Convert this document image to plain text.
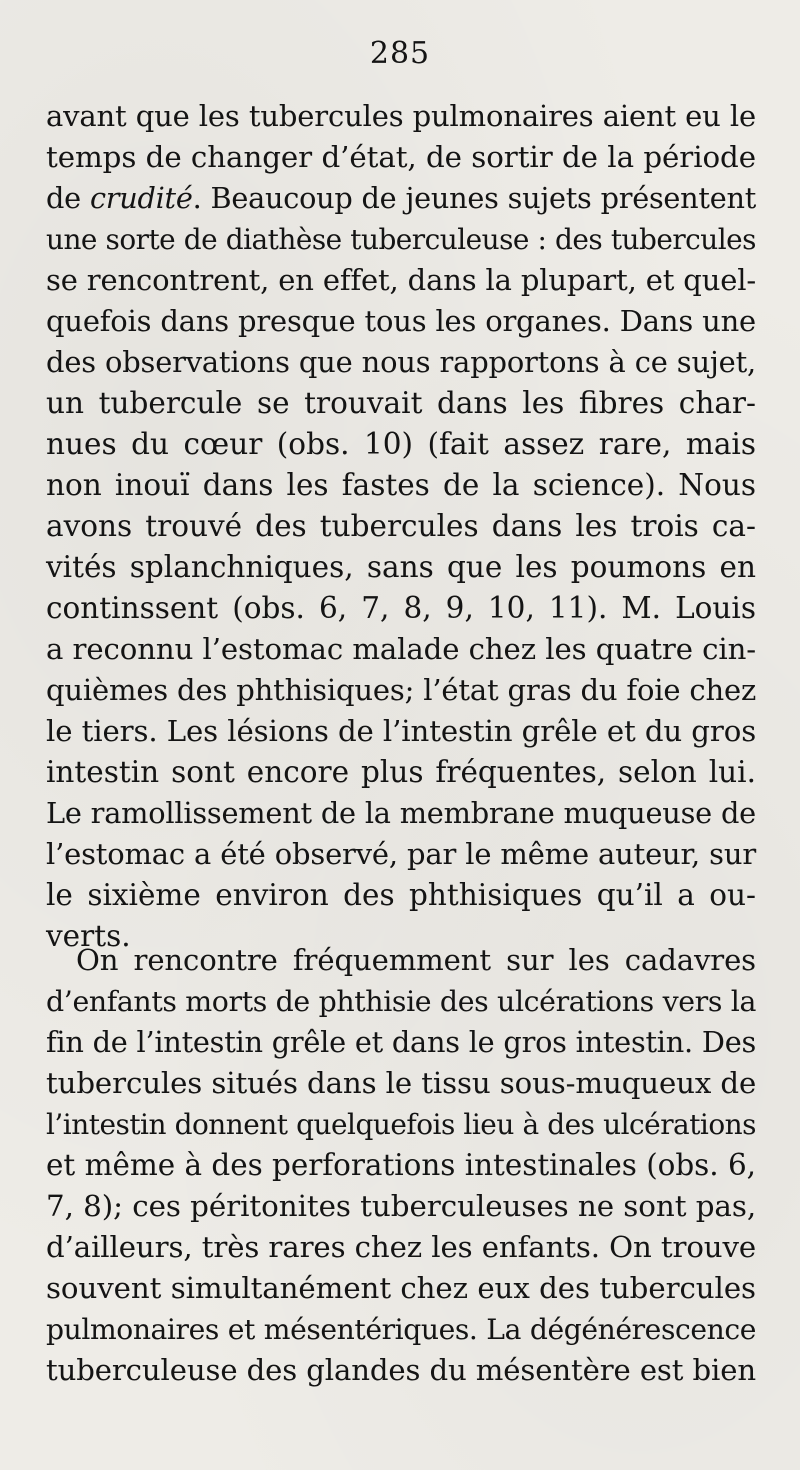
285
avant que les tubercules pulmonaires aient eu le
temps de changer d’état, de sortir de la période
de crudité. Beaucoup de jeunes sujets présentent
une sorte de diathèse tuberculeuse : des tubercules
se rencontrent, en effet, dans la plupart, et quel-
quefois dans presque tous les organes. Dans une
des observations que nous rapportons à ce sujet,
un tubercule se trouvait dans les fibres char-
nues du cœur (obs. 10) (fait assez rare, mais
non inouï dans les fastes de la science). Nous
avons trouvé des tubercules dans les trois ca-
vités splanchniques, sans que les poumons en
continssent (obs. 6, 7, 8, 9, 10, 11). M. Louis
a reconnu l’estomac malade chez les quatre cin-
quièmes des phthisiques; l’état gras du foie chez
le tiers. Les lésions de l’intestin grêle et du gros
intestin sont encore plus fréquentes, selon lui.
Le ramollissement de la membrane muqueuse de
l’estomac a été observé, par le même auteur, sur
le sixième environ des phthisiques qu’il a ou-
verts.
On rencontre fréquemment sur les cadavres
d’enfants morts de phthisie des ulcérations vers la
fin de l’intestin grêle et dans le gros intestin. Des
tubercules situés dans le tissu sous-muqueux de
l’intestin donnent quelquefois lieu à des ulcérations
et même à des perforations intestinales (obs. 6,
7, 8); ces péritonites tuberculeuses ne sont pas,
d’ailleurs, très rares chez les enfants. On trouve
souvent simultanément chez eux des tubercules
pulmonaires et mésentériques. La dégénérescence
tuberculeuse des glandes du mésentère est bien
